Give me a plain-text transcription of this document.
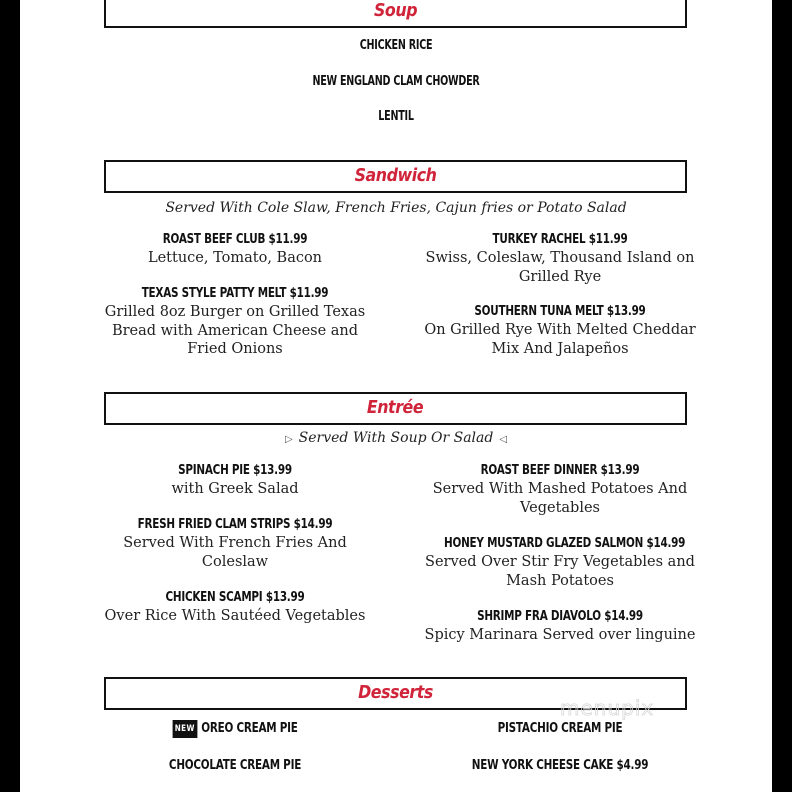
Soup
CHICKEN RICE
NEW ENGLAND CLAM CHOWDER
LENTIL
Sandwich
Served With Cole Slaw, French Fries, Cajun fries or Potato Salad
ROAST BEEF CLUB $11.99
Lettuce, Tomato, Bacon
TURKEY RACHEL $11.99
Swiss, Coleslaw, Thousand Island on Grilled Rye
TEXAS STYLE PATTY MELT $11.99
Grilled 8oz Burger on Grilled Texas Bread with American Cheese and Fried Onions
SOUTHERN TUNA MELT $13.99
On Grilled Rye With Melted Cheddar Mix And Jalapeños
Entrée
▷ Served With Soup Or Salad ◁
SPINACH PIE $13.99
with Greek Salad
ROAST BEEF DINNER $13.99
Served With Mashed Potatoes And Vegetables
FRESH FRIED CLAM STRIPS $14.99
Served With French Fries And Coleslaw
HONEY MUSTARD GLAZED SALMON $14.99
Served Over Stir Fry Vegetables and Mash Potatoes
CHICKEN SCAMPI $13.99
Over Rice With Sautéed Vegetables	SHRIMP FRA DIAVOLO $14.99
Spicy Marinara Served over linguine
Desserts
menupix
NEW OREO CREAM PIE	PISTACHIO CREAM PIE
CHOCOLATE CREAM PIE	NEW YORK CHEESE CAKE $4.99
